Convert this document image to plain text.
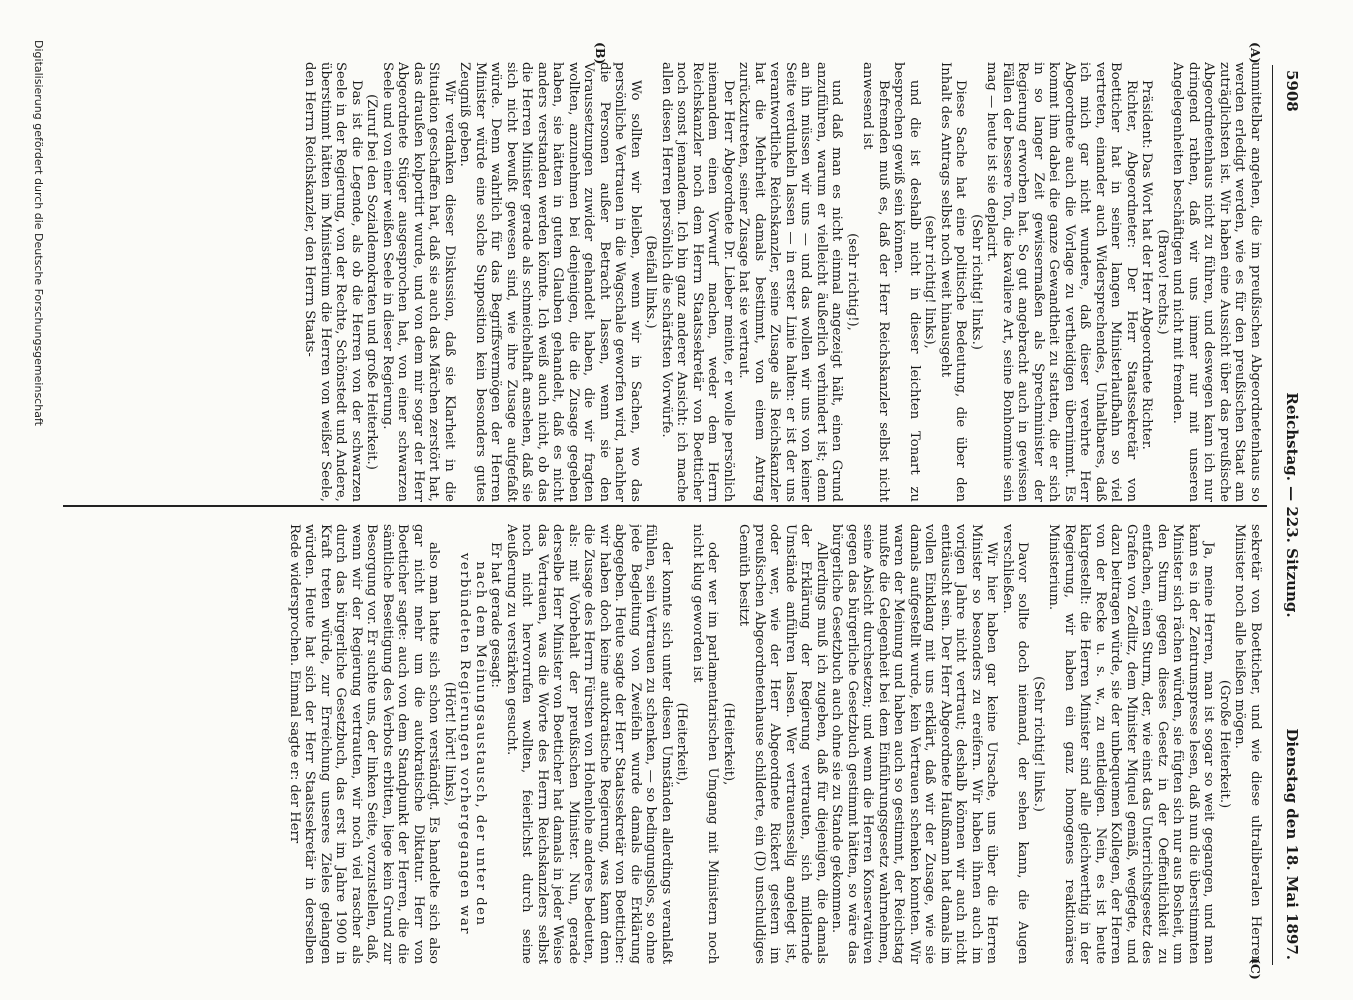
5908
Reichstag. — 223. Sitzung.
Dienstag den 18. Mai 1897.
(A)
(B)
(C)

unmittelbar angehen, die im preußischen Abgeordnetenhaus so werden erledigt werden, wie es für den preußischen Staat am zuträglichsten ist. Wir haben eine Aussicht über das preußische Abgeordnetenhaus nicht zu führen, und deswegen kann ich nur dringend rathen, daß wir uns immer nur mit unseren Angelegenheiten beschäftigen und nicht mit fremden.

(Bravo! rechts.)

Präsident: Das Wort hat der Herr Abgeordnete Richter.

Richter, Abgeordneter: Der Herr Staatssekretär von Boetticher hat in seiner langen Ministerlaufbahn so viel vertreten, einander auch Widersprechendes, Unhaltbares, daß ich mich gar nicht wundere, daß dieser verehrte Herr Abgeordnete auch die Vorlage zu vertheidigen übernimmt. Es kommt ihm dabei die ganze Gewandtheit zu statten, die er sich in so langer Zeit gewissermaßen als Sprechminister der Regierung erworben hat. So gut angebracht auch in gewissen Fällen der bessere Ton, die kavaliere Art, seine Bonhommie sein mag — heute ist sie deplacirt.

(Sehr richtig! links.)

Diese Sache hat eine politische Bedeutung, die über den Inhalt des Antrags selbst noch weit hinausgeht

(sehr richtig! links),

und die ist deshalb nicht in dieser leichten Tonart zu besprechen gewiß sein können.

Befremden muß es, daß der Herr Reichskanzler selbst nicht anwesend ist

(sehr richtig!),

und daß man es nicht einmal angezeigt hält, einen Grund anzuführen, warum er vielleicht äußerlich verhindert ist; denn an ihn müssen wir uns — und das wollen wir uns von keiner Seite verdunkeln lassen — in erster Linie halten: er ist der uns verantwortliche Reichskanzler, seine Zusage als Reichskanzler hat die Mehrheit damals bestimmt, von einem Antrag zurückzutreten, seiner Zusage hat sie vertraut.

Der Herr Abgeordnete Dr. Lieber meinte, er wolle persönlich niemandem einen Vorwurf machen, weder dem Herrn Reichskanzler noch dem Herrn Staatssekretär von Boetticher noch sonst jemandem. Ich bin ganz anderer Ansicht: ich mache allen diesen Herren persönlich die schärfsten Vorwürfe.

(Beifall links.)

Wo sollten wir bleiben, wenn wir in Sachen, wo das persönliche Vertrauen in die Wagschale geworfen wird, nachher die Personen außer Betracht lassen, wenn sie den Voraussetzungen zuwider gehandelt haben, die wir fragten wollten, anzunehmen bei denjenigen, die die Zusage gegeben haben, sie hätten in gutem Glauben gehandelt, daß es nicht anders verstanden werden könnte. Ich weiß auch nicht, ob das die Herren Minister gerade als schmeichelhaft ansehen, daß sie sich nicht bewußt gewesen sind, wie ihre Zusage aufgefaßt würde. Denn wahrlich für das Begriffsvermögen der Herren Minister würde eine solche Supposition kein besonders gutes Zeugniß geben.

Wir verdanken dieser Diskussion, daß sie Klarheit in die Situation geschaffen hat, daß sie auch das Märchen zerstört hat, das draußen kolportirt wurde, und von dem mir sogar der Herr Abgeordnete Stüger ausgesprochen hat, von einer schwarzen Seele und von einer weißen Seele in dieser Regierung.

(Zuruf bei den Sozialdemokraten und große Heiterkeit.)

Das ist die Legende, als ob die Herren von der schwarzen Seele in der Regierung, von der Rechte, Schönstedt und Andere, überstimmt hätten im Ministerium die Herren von weißer Seele, den Herrn Reichskanzler, den Herrn Staats-

sekretär von Boetticher, und wie diese ultraliberalen Herren Minister noch alle heißen mögen.

(Große Heiterkeit.)

Ja, meine Herren, man ist sogar so weit gegangen, und man kann es in der Zentrumspresse lesen, daß nun die überstimmten Minister sich rächen würden, sie fügten sich nur aus Bosheit, um den Sturm gegen dieses Gesetz in der Oeffentlichkeit zu entfachen, einen Sturm, der, wie einst das Unterrichtsgesetz des Grafen von Zedlitz, dem Minister Miquel gemäß, wegfegte, und dazu beitragen würde, sie der unbequemen Kollegen, der Herren von der Recke u. s. w., zu entledigen. Nein, es ist heute klargestellt: die Herren Minister sind alle gleichwerthig in der Regierung, wir haben ein ganz homogenes reaktionäres Ministerium.

(Sehr richtig! links.)

Davor sollte doch niemand, der sehen kann, die Augen verschließen.

Wir hier haben gar keine Ursache, uns über die Herren Minister so besonders zu ereifern. Wir haben ihnen auch im vorigen Jahre nicht vertraut; deshalb können wir auch nicht enttäuscht sein. Der Herr Abgeordnete Haußmann hat damals im vollen Einklang mit uns erklärt, daß wir der Zusage, wie sie damals aufgestellt wurde, kein Vertrauen schenken konnten. Wir waren der Meinung und haben auch so gestimmt, der Reichstag mußte die Gelegenheit bei dem Einführungsgesetz wahrnehmen, seine Absicht durchsetzen; und wenn die Herren Konservativen gegen das bürgerliche Gesetzbuch gestimmt hätten, so wäre das bürgerliche Gesetzbuch auch ohne sie zu Stande gekommen.

Allerdings muß ich zugeben, daß für diejenigen, die damals der Erklärung der Regierung vertrauten, sich mildernde Umstände anführen lassen. Wer vertrauensselig angelegt ist, oder wer, wie der Herr Abgeordnete Rickert gestern im preußischen Abgeordnetenhause schilderte, ein (D) unschuldiges Gemüth besitzt

(Heiterkeit),

oder wer im parlamentarischen Umgang mit Ministern noch nicht klug geworden ist

(Heiterkeit),

der konnte sich unter diesen Umständen allerdings veranlaßt fühlen, sein Vertrauen zu schenken, — so bedingungslos, so ohne jede Begleitung von Zweifeln wurde damals die Erklärung abgegeben. Heute sagte der Herr Staatssekretär von Boetticher: wir haben doch keine autokratische Regierung, was kann denn die Zusage des Herrn Fürsten von Hohenlohe anderes bedeuten, als: mit Vorbehalt der preußischen Minister. Nun, gerade derselbe Herr Minister von Boetticher hat damals in jeder Weise das Vertrauen, was die Worte des Herrn Reichskanzlers selbst noch nicht hervorrufen wollten, feierlichst durch seine Aeußerung zu verstärken gesucht.

Er hat gerade gesagt:

nach dem Meinungsaustausch, der unter den verbündeten Regierungen vorhergegangen war

(Hört! hört! links),

also man hatte sich schon verständigt. Es handelte sich also gar nicht mehr um die autokratische Diktatur. Herr von Boetticher sagte: auch von dem Standpunkt der Herren, die die sämtliche Beseitigung des Verbots erbitten, liege kein Grund zur Besorgung vor. Er suchte uns, der linken Seite, vorzustellen, daß, wenn wir der Regierung vertrauten, wir noch viel rascher als durch das bürgerliche Gesetzbuch, das erst im Jahre 1900 in Kraft treten würde, zur Erreichung unseres Zieles gelangen würden. Heute hat sich der Herr Staatssekretär in derselben Rede widersprochen. Einmal sagte er: der Herr

Digitalisierung gefördert durch die Deutsche Forschungsgemeinschaft
